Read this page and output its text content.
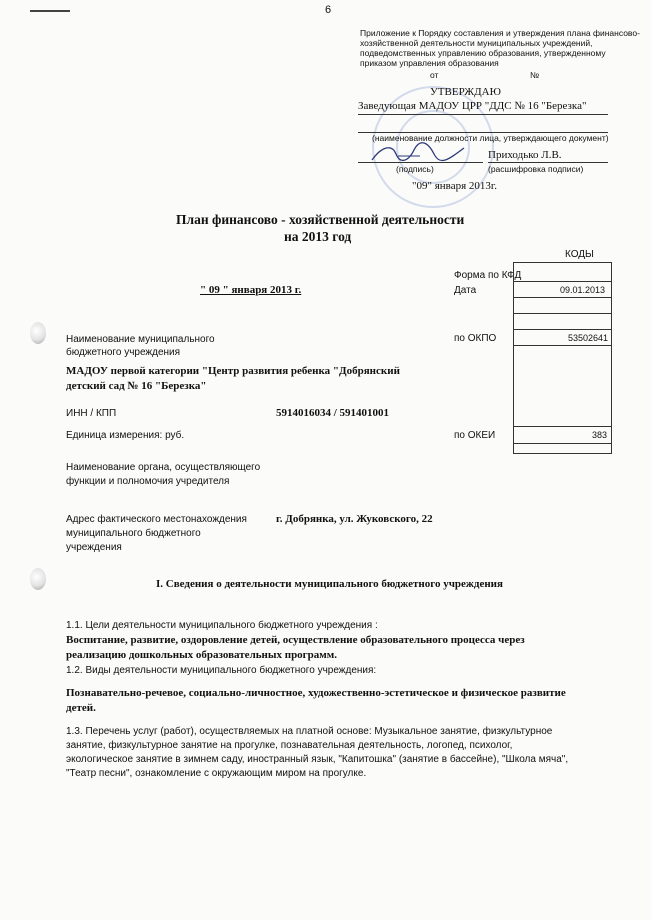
6
Приложение к Порядку составления и утверждения плана финансово-
хозяйственной деятельности муниципальных учреждений,
подведомственных управлению образования, утвержденному
приказом управления образования
от	№
УТВЕРЖДАЮ
Заведующая МАДОУ ЦРР "ДДС № 16 "Березка"
(наименование должности лица, утверждающего документ)
Приходько Л.В.
(подпись)	(расшифровка подписи)
"09" января 2013г.
План финансово - хозяйственной деятельности
на 2013 год
КОДЫ
Форма по КФД
Дата	09.01.2013
по ОКПО	53502641
по ОКЕИ	383
" 09 " января 2013 г.
Наименование муниципального
бюджетного учреждения
МАДОУ первой категории "Центр развития ребенка "Добрянский
детский сад № 16 "Березка"
ИНН / КПП	5914016034 / 591401001
Единица измерения: руб.
Наименование органа, осуществляющего
функции и полномочия учредителя
Адрес фактического местонахождения
муниципального бюджетного
учреждения
г. Добрянка, ул. Жуковского, 22
I. Сведения о деятельности муниципального бюджетного учреждения
1.1. Цели деятельности муниципального бюджетного учреждения :
Воспитание, развитие, оздоровление детей, осуществление образовательного процесса через
реализацию дошкольных образовательных программ.
1.2. Виды деятельности муниципального бюджетного учреждения:
Познавательно-речевое, социально-личностное, художественно-эстетическое и физическое развитие
детей.
1.3. Перечень услуг (работ), осуществляемых на платной основе: Музыкальное занятие, физкультурное
занятие, физкультурное занятие на прогулке, познавательная деятельность, логопед, психолог,
экологическое занятие в зимнем саду, иностранный язык, "Капитошка" (занятие в бассейне), "Школа мяча",
"Театр песни", ознакомление с окружающим миром на прогулке.
